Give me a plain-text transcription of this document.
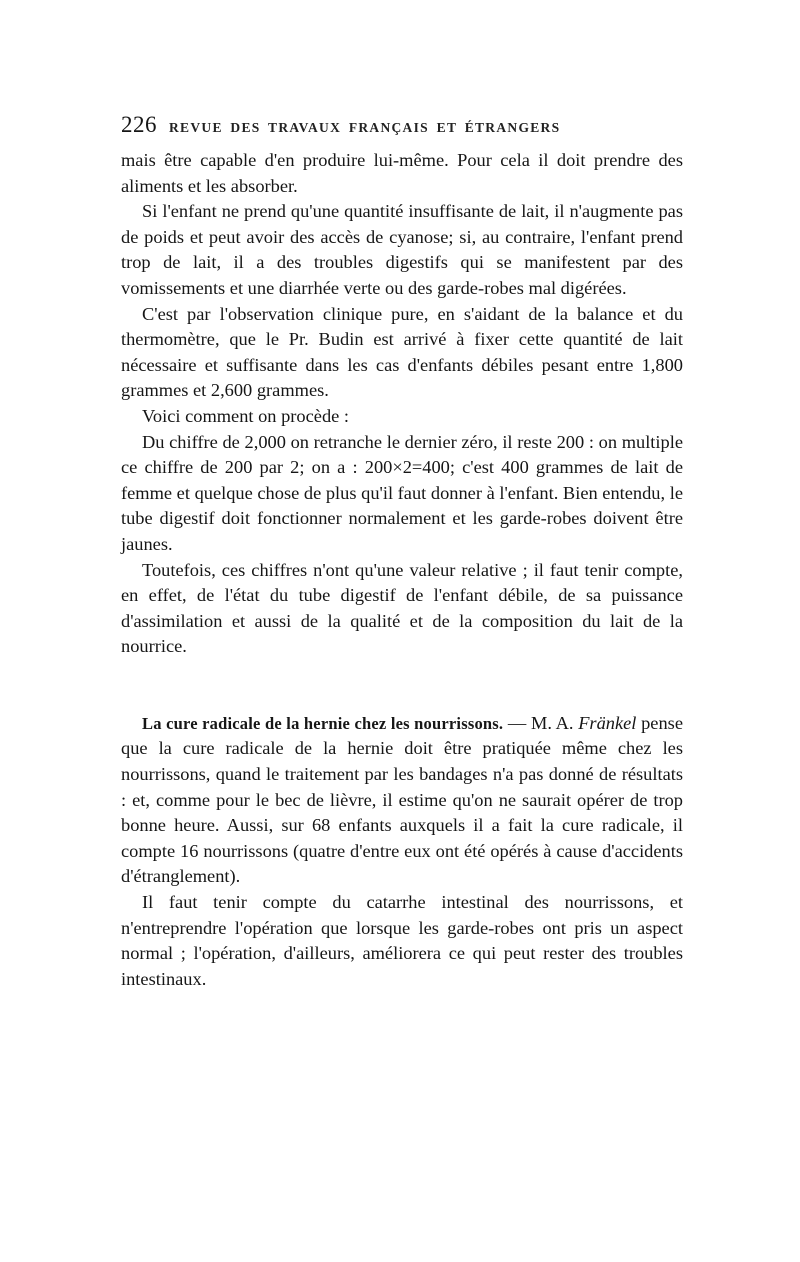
226 REVUE DES TRAVAUX FRANÇAIS ET ÉTRANGERS

mais être capable d'en produire lui-même. Pour cela il doit prendre des aliments et les absorber.

Si l'enfant ne prend qu'une quantité insuffisante de lait, il n'augmente pas de poids et peut avoir des accès de cyanose; si, au contraire, l'enfant prend trop de lait, il a des troubles digestifs qui se manifestent par des vomissements et une diarrhée verte ou des garde-robes mal digérées.

C'est par l'observation clinique pure, en s'aidant de la balance et du thermomètre, que le Pr. Budin est arrivé à fixer cette quantité de lait nécessaire et suffisante dans les cas d'enfants débiles pesant entre 1,800 grammes et 2,600 grammes.

Voici comment on procède :

Du chiffre de 2,000 on retranche le dernier zéro, il reste 200 : on multiple ce chiffre de 200 par 2; on a : 200×2=400; c'est 400 grammes de lait de femme et quelque chose de plus qu'il faut donner à l'enfant. Bien entendu, le tube digestif doit fonctionner normalement et les garde-robes doivent être jaunes.

Toutefois, ces chiffres n'ont qu'une valeur relative ; il faut tenir compte, en effet, de l'état du tube digestif de l'enfant débile, de sa puissance d'assimilation et aussi de la qualité et de la composition du lait de la nourrice.

La cure radicale de la hernie chez les nourrissons. — M. A. Fränkel pense que la cure radicale de la hernie doit être pratiquée même chez les nourrissons, quand le traitement par les bandages n'a pas donné de résultats : et, comme pour le bec de lièvre, il estime qu'on ne saurait opérer de trop bonne heure. Aussi, sur 68 enfants auxquels il a fait la cure radicale, il compte 16 nourrissons (quatre d'entre eux ont été opérés à cause d'accidents d'étranglement).

Il faut tenir compte du catarrhe intestinal des nourrissons, et n'entreprendre l'opération que lorsque les garde-robes ont pris un aspect normal ; l'opération, d'ailleurs, améliorera ce qui peut rester des troubles intestinaux.
